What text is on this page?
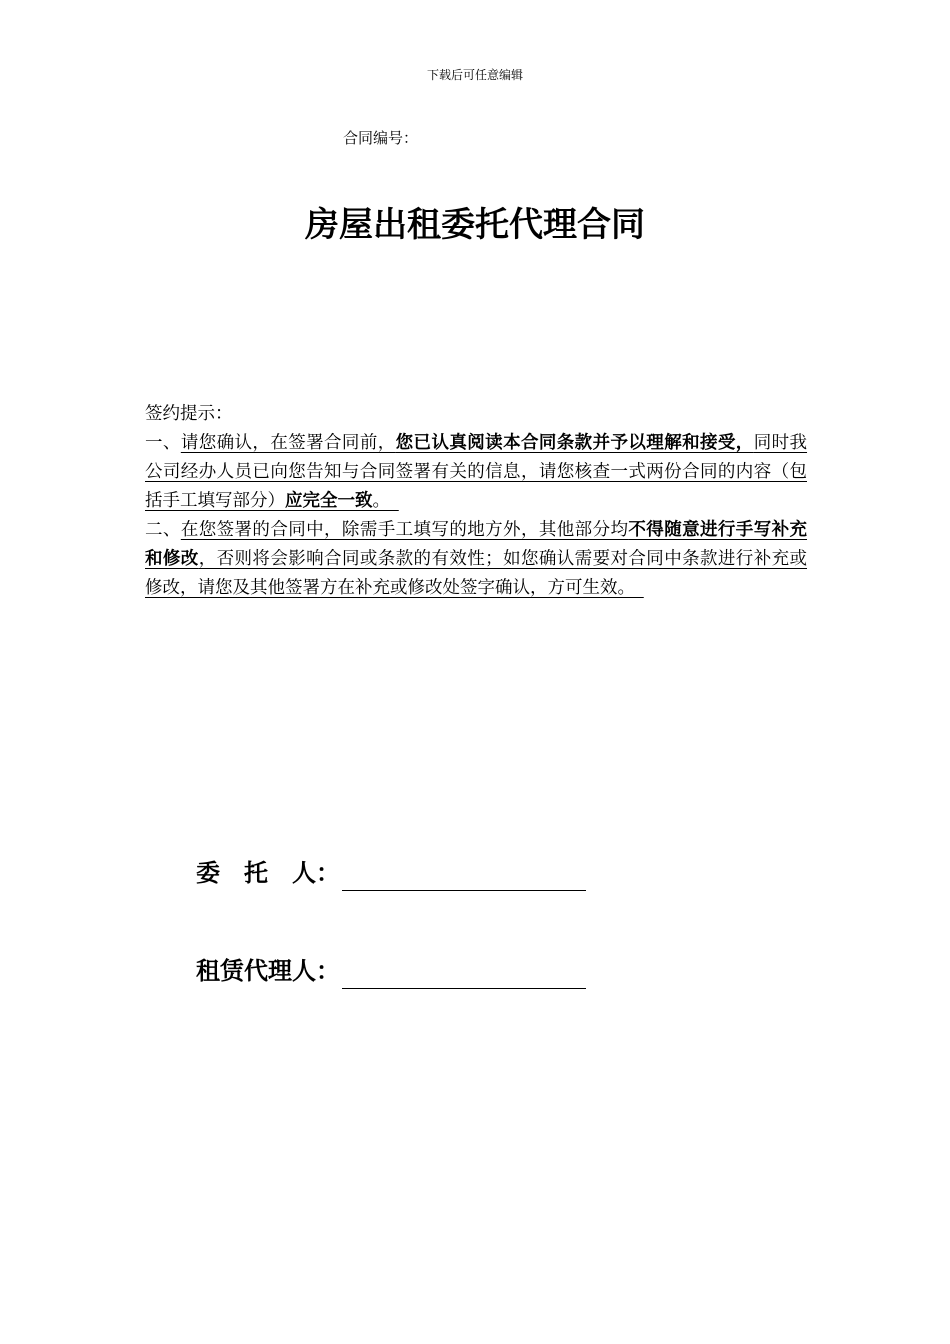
下载后可任意编辑
合同编号：
房屋出租委托代理合同

签约提示：

一、请您确认，在签署合同前，您已认真阅读本合同条款并予以理解和接受，同时我公司经办人员已向您告知与合同签署有关的信息，请您核查一式两份合同的内容（包括手工填写部分）应完全一致。 

二、在您签署的合同中，除需手工填写的地方外，其他部分均不得随意进行手写补充和修改，否则将会影响合同或条款的有效性；如您确认需要对合同中条款进行补充或修改，请您及其他签署方在补充或修改处签字确认，方可生效。 

委　托　人：
租赁代理人：
